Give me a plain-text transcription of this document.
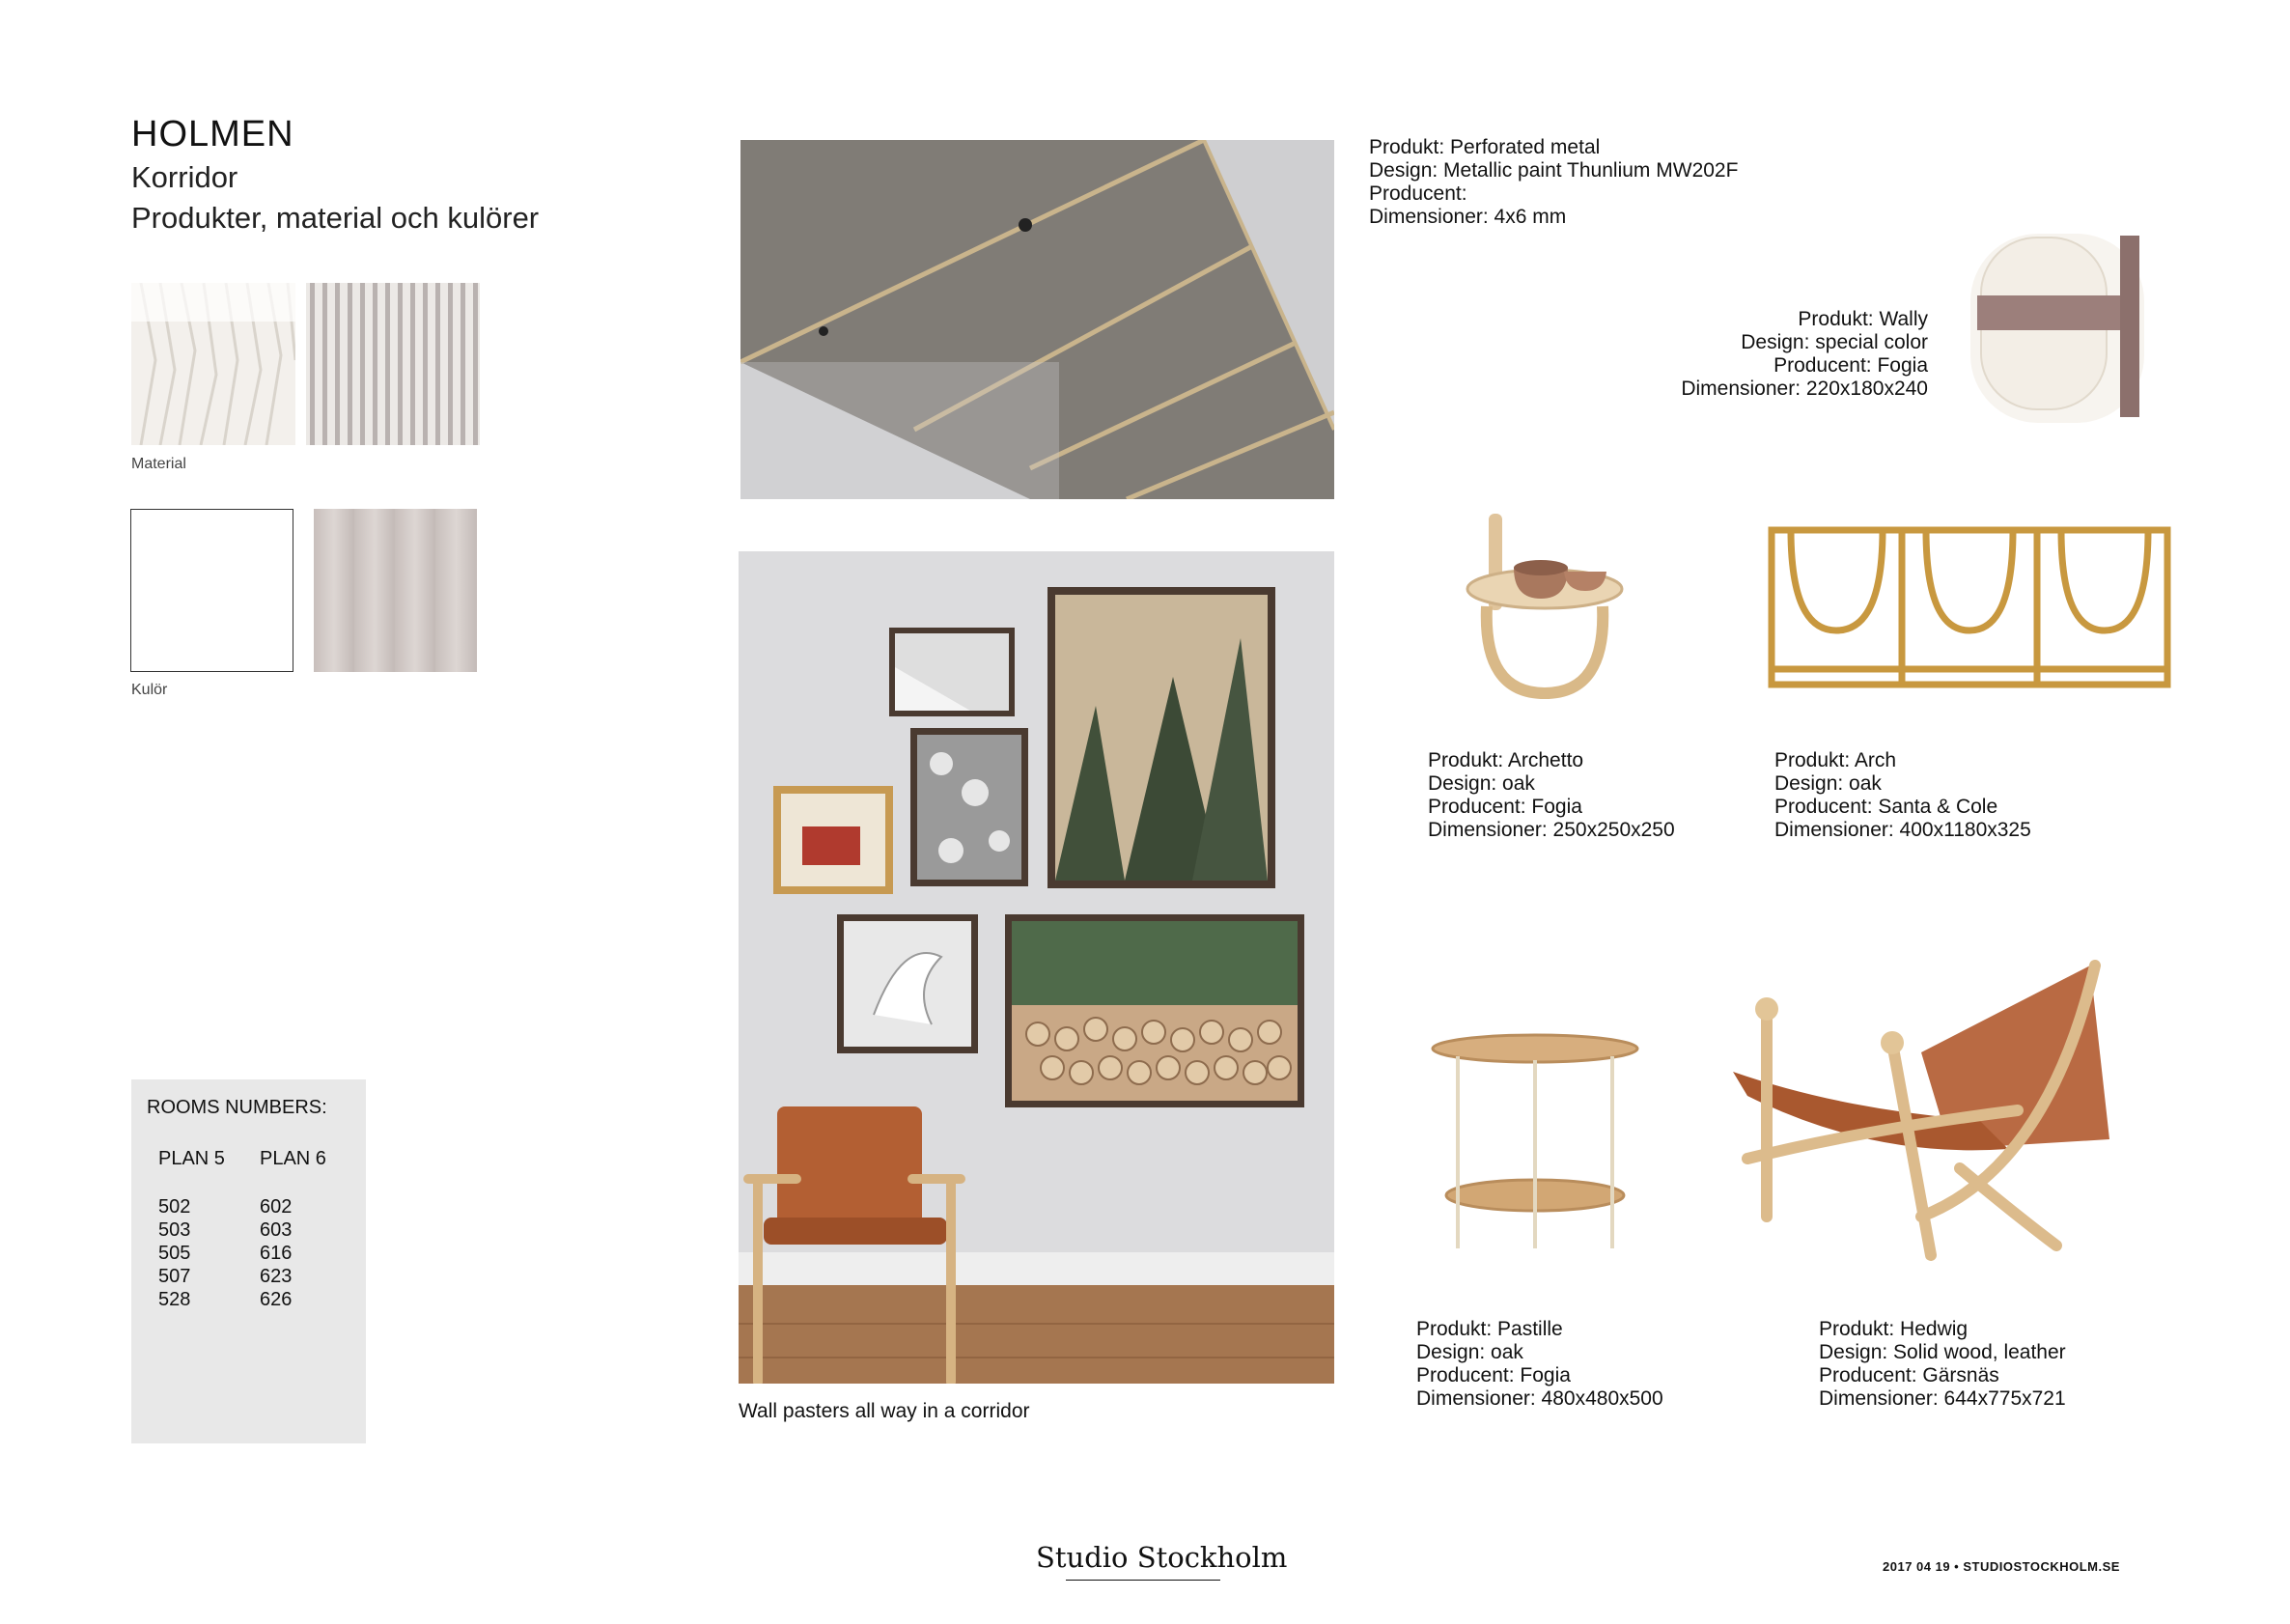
HOLMEN
Korridor
Produkter, material och kulörer
Material
Kulör
ROOMS NUMBERS:
PLAN 5 PLAN 6
502
503
505
507
528
602
603
616
623
626
Wall pasters all way in a corridor
Produkt: Perforated metal
Design: Metallic paint Thunlium MW202F
Producent:
Dimensioner: 4x6 mm
Produkt: Wally
Design: special color
Producent: Fogia
Dimensioner: 220x180x240
Produkt: Archetto
Design: oak
Producent: Fogia
Dimensioner: 250x250x250
Produkt: Arch
Design: oak
Producent: Santa & Cole
Dimensioner: 400x1180x325
Produkt: Pastille
Design: oak
Producent: Fogia
Dimensioner: 480x480x500
Produkt: Hedwig
Design: Solid wood, leather
Producent: Gärsnäs
Dimensioner: 644x775x721
Studio Stockholm	2017 04 19 • STUDIOSTOCKHOLM.SE
